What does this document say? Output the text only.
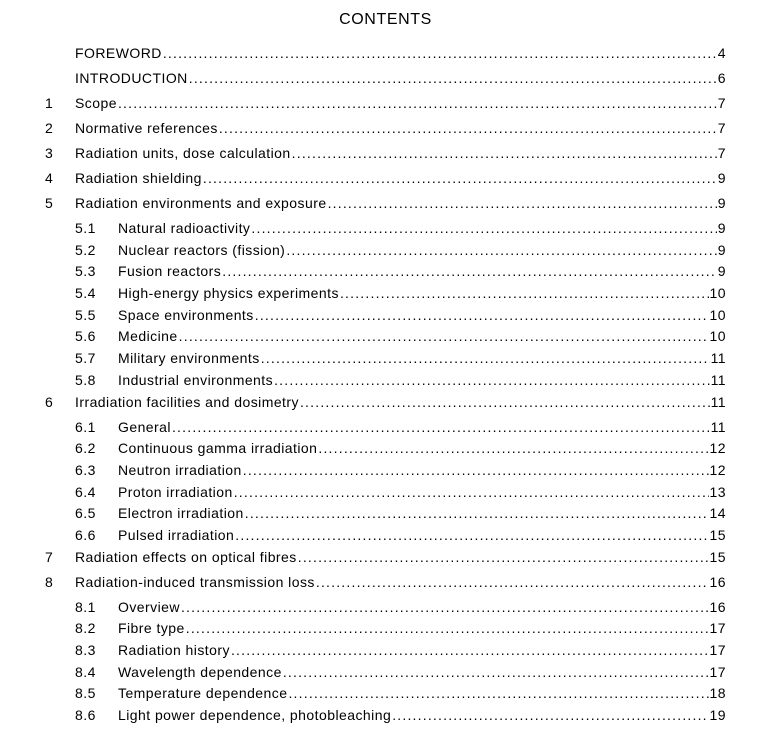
CONTENTS
FOREWORD .....	4
INTRODUCTION .....	6
1	Scope .....	7
2	Normative references .....	7
3	Radiation units, dose calculation .....	7
4	Radiation shielding .....	9
5	Radiation environments and exposure .....	9
5.1	Natural radioactivity .....	9
5.2	Nuclear reactors (fission) .....	9
5.3	Fusion reactors .....	9
5.4	High-energy physics experiments .....	10
5.5	Space environments .....	10
5.6	Medicine .....	10
5.7	Military environments .....	11
5.8	Industrial environments .....	11
6	Irradiation facilities and dosimetry .....	11
6.1	General .....	11
6.2	Continuous gamma irradiation .....	12
6.3	Neutron irradiation .....	12
6.4	Proton irradiation .....	13
6.5	Electron irradiation .....	14
6.6	Pulsed irradiation .....	15
7	Radiation effects on optical fibres .....	15
8	Radiation-induced transmission loss .....	16
8.1	Overview .....	16
8.2	Fibre type .....	17
8.3	Radiation history .....	17
8.4	Wavelength dependence .....	17
8.5	Temperature dependence .....	18
8.6	Light power dependence, photobleaching .....	19
